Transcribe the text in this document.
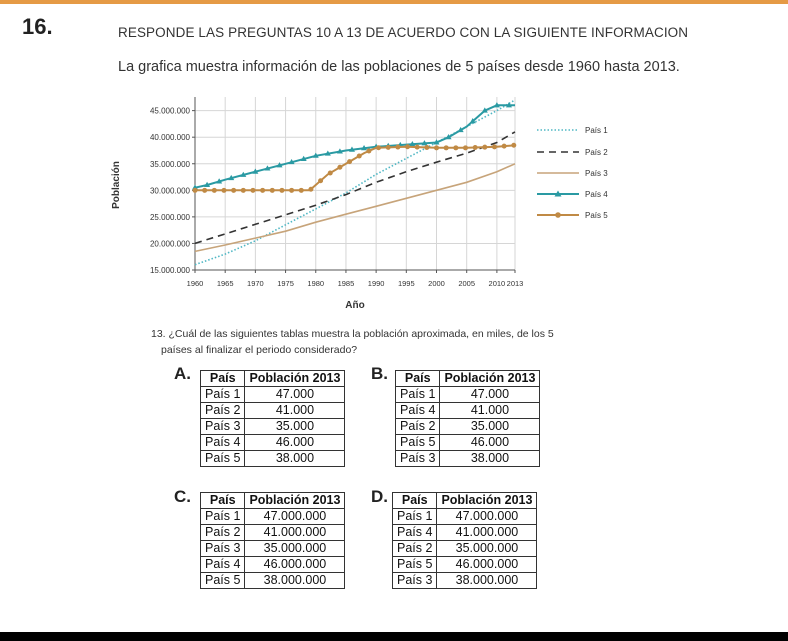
16.	RESPONDE LAS PREGUNTAS 10 A 13 DE ACUERDO CON LA SIGUIENTE INFORMACION
La grafica muestra información de las poblaciones de 5 países desde 1960 hasta 2013.
45.000.000
40.000.000
35.000.000
30.000.000
25.000.000
20.000.000
15.000.000
1960 1965 1970 1975 1980 1985 1990 1995 2000 2005 2010 2013
Población
Año
País 1
País 2
País 3
País 4
País 5
13. ¿Cuál de las siguientes tablas muestra la población aproximada, en miles, de los 5
países al finalizar el periodo considerado?
A. País	Población 2013
País 1	47.000
País 2	41.000
País 3	35.000
País 4	46.000
País 5	38.000
B. País	Población 2013
País 1	47.000
País 4	41.000
País 2	35.000
País 5	46.000
País 3	38.000
C. País	Población 2013
País 1	47.000.000
País 2	41.000.000
País 3	35.000.000
País 4	46.000.000
País 5	38.000.000
D. País	Población 2013
País 1	47.000.000
País 4	41.000.000
País 2	35.000.000
País 5	46.000.000
País 3	38.000.000
